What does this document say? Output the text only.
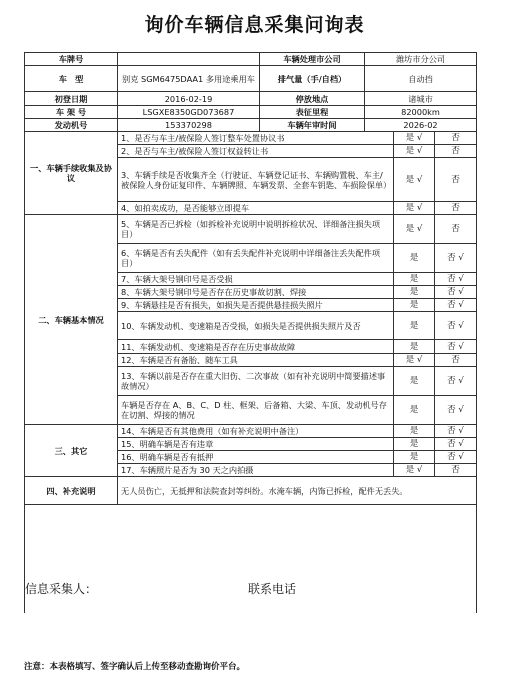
询价车辆信息采集问询表
车牌号		车辆处理市公司	潍坊市分公司		
车　型	别克 SGM6475DAA1 多用途乘用车	排气量（手/自档）	自动挡		
初登日期	2016-02-19	停放地点	诸城市		
车 架 号	LSGXE8350GD073687	表征里程	82000km		
发动机号	153370298	车辆年审时间	2026-02		
一、车辆手续收集及协议	1、是否与车主/被保险人签订整车处置协议书			是 √	否
	2、是否与车主/被保险人签订权益转让书			是 √	否
	3、车辆手续是否收集齐全（行驶证、车辆登记证书、车辆购置税、车主/被保险人身份证复印件、车辆牌照、车辆发票、全套车钥匙、车损险保单）			是 √	否
	4、如拍卖成功，是否能够立即提车			是 √	否
二、车辆基本情况	5、车辆是否已拆检（如拆检补充说明中说明拆检状况、详细备注损失项目）			是 √	否
	6、车辆是否有丢失配件（如有丢失配件补充说明中详细备注丢失配件项目）			是	否 √
	7、车辆大架号钢印号是否受损			是	否 √
	8、车辆大架号钢印号是否存在历史事故切割、焊接			是	否 √
	9、车辆悬挂是否有损失，如损失是否提供悬挂损失照片			是	否 √
	10、车辆发动机、变速箱是否受损，如损失是否提供损失照片及否			是	否 √
	11、车辆发动机、变速箱是否存在历史事故故障			是	否 √
	12、车辆是否有备胎、随车工具			是 √	否
	13、车辆以前是否存在重大旧伤、二次事故（如有补充说明中简要描述事故情况）			是	否 √
	车辆是否存在 A、B、C、D 柱、框架、后备箱、大梁、车顶、发动机号存在切割、焊接的情况			是	否 √
三、其它	14、车辆是否有其他费用（如有补充说明中备注）			是	否 √
	15、明确车辆是否有违章			是	否 √
	16、明确车辆是否有抵押			是	否 √
	17、车辆照片是否为 30 天之内拍摄			是 √	否
四、补充说明	无人员伤亡，无抵押和法院查封等纠纷。水淹车辆，内饰已拆检，配件无丢失。				

信息采集人：	联系电话
注意：本表格填写、签字确认后上传至移动查勘询价平台。
